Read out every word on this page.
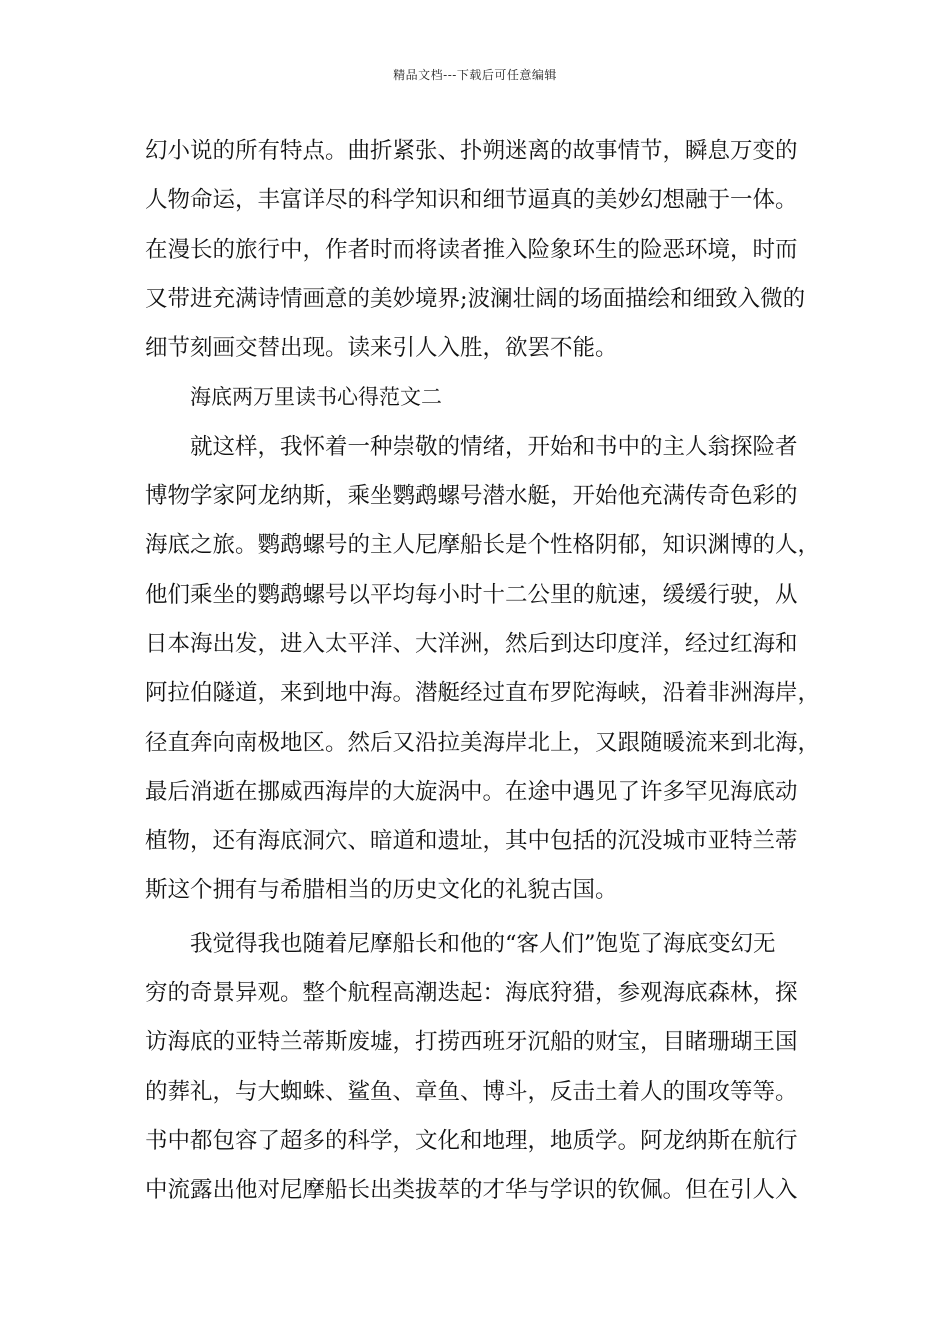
精品文档---下载后可任意编辑
幻小说的所有特点。曲折紧张、扑朔迷离的故事情节，瞬息万变的
人物命运，丰富详尽的科学知识和细节逼真的美妙幻想融于一体。
在漫长的旅行中，作者时而将读者推入险象环生的险恶环境，时而
又带进充满诗情画意的美妙境界;波澜壮阔的场面描绘和细致入微的
细节刻画交替出现。读来引人入胜，欲罢不能。
海底两万里读书心得范文二
就这样，我怀着一种崇敬的情绪，开始和书中的主人翁探险者
博物学家阿龙纳斯，乘坐鹦鹉螺号潜水艇，开始他充满传奇色彩的
海底之旅。鹦鹉螺号的主人尼摩船长是个性格阴郁，知识渊博的人，
他们乘坐的鹦鹉螺号以平均每小时十二公里的航速，缓缓行驶，从
日本海出发，进入太平洋、大洋洲，然后到达印度洋，经过红海和
阿拉伯隧道，来到地中海。潜艇经过直布罗陀海峡，沿着非洲海岸，
径直奔向南极地区。然后又沿拉美海岸北上，又跟随暖流来到北海，
最后消逝在挪威西海岸的大旋涡中。在途中遇见了许多罕见海底动
植物，还有海底洞穴、暗道和遗址，其中包括的沉没城市亚特兰蒂
斯这个拥有与希腊相当的历史文化的礼貌古国。
我觉得我也随着尼摩船长和他的“客人们”饱览了海底变幻无
穷的奇景异观。整个航程高潮迭起：海底狩猎，参观海底森林，探
访海底的亚特兰蒂斯废墟，打捞西班牙沉船的财宝，目睹珊瑚王国
的葬礼，与大蜘蛛、鲨鱼、章鱼、博斗，反击土着人的围攻等等。
书中都包容了超多的科学，文化和地理，地质学。阿龙纳斯在航行
中流露出他对尼摩船长出类拔萃的才华与学识的钦佩。但在引人入
